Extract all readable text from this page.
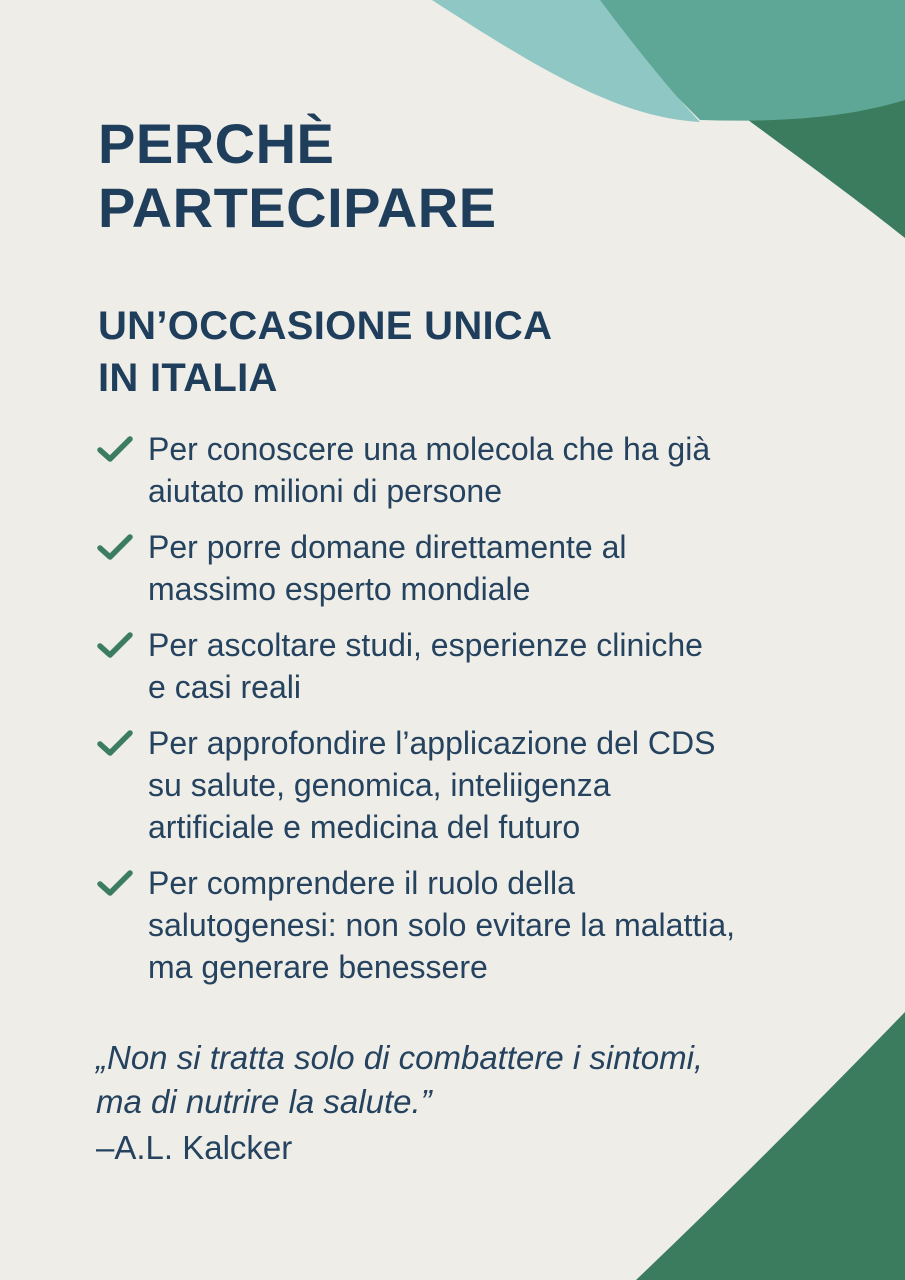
PERCHÈ
PARTECIPARE
UN’OCCASIONE UNICA
IN ITALIA
Per conoscere una molecola che ha già
aiutato milioni di persone
Per porre domane direttamente al
massimo esperto mondiale
Per ascoltare studi, esperienze cliniche
e casi reali
Per approfondire l’applicazione del CDS
su salute, genomica, inteliigenza
artificiale e medicina del futuro
Per comprendere il ruolo della
salutogenesi: non solo evitare la malattia,
ma generare benessere
„Non si tratta solo di combattere i sintomi,
ma di nutrire la salute.”

–A.L. Kalcker
